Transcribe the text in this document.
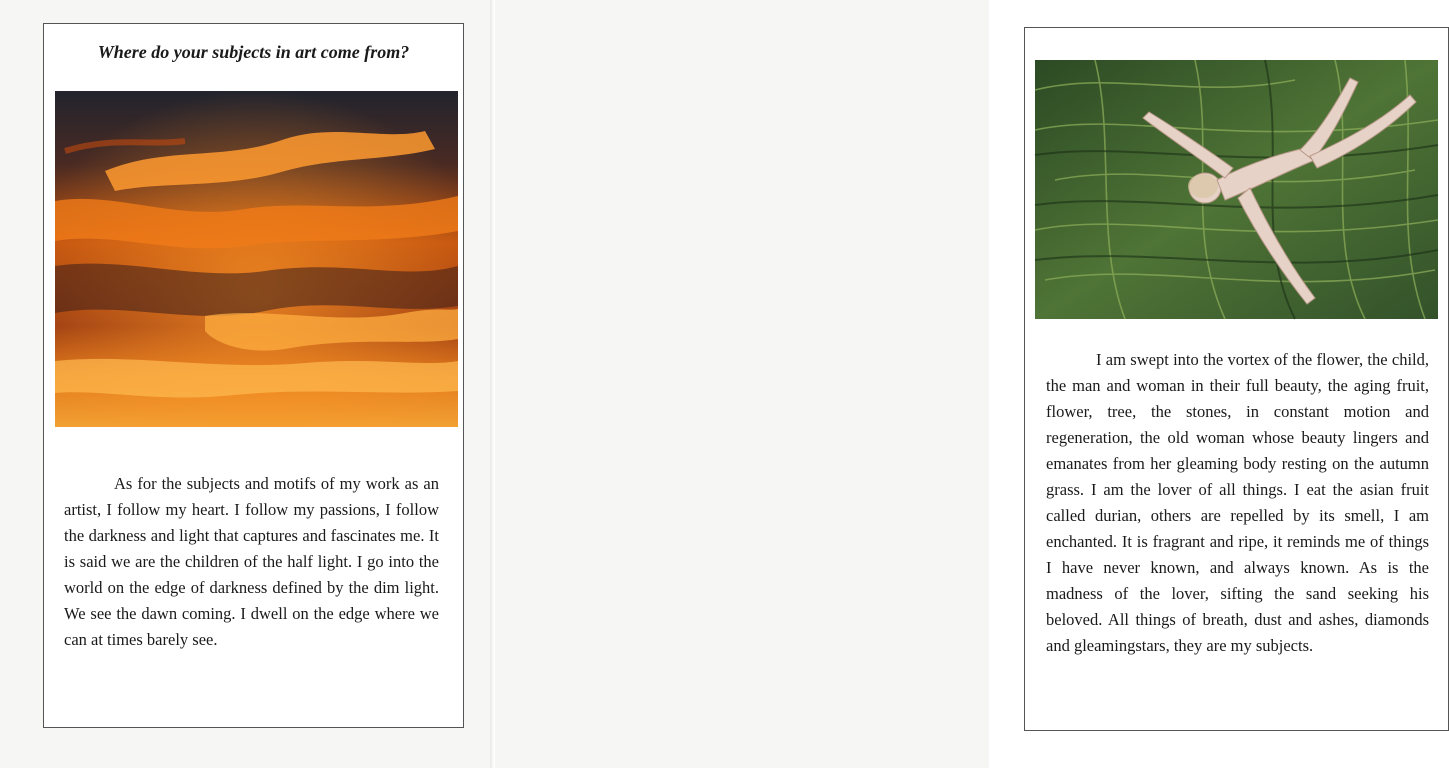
Where do your subjects in art come from?

As for the subjects and motifs of my work as an artist, I follow my heart. I follow my passions, I follow the darkness and light that captures and fascinates me. It is said we are the children of the half light. I go into the world on the edge of darkness defined by the dim light. We see the dawn coming. I dwell on the edge where we can at times barely see.

I am swept into the vortex of the flower, the child, the man and woman in their full beauty, the aging fruit, flower, tree, the stones, in constant motion and regeneration, the old woman whose beauty lingers and emanates from her gleaming body resting on the autumn grass. I am the lover of all things. I eat the asian fruit called durian, others are repelled by its smell, I am enchanted. It is fragrant and ripe, it reminds me of things I have never known, and always known. As is the madness of the lover, sifting the sand seeking his beloved. All things of breath, dust and ashes, diamonds and gleamingstars, they are my subjects.
